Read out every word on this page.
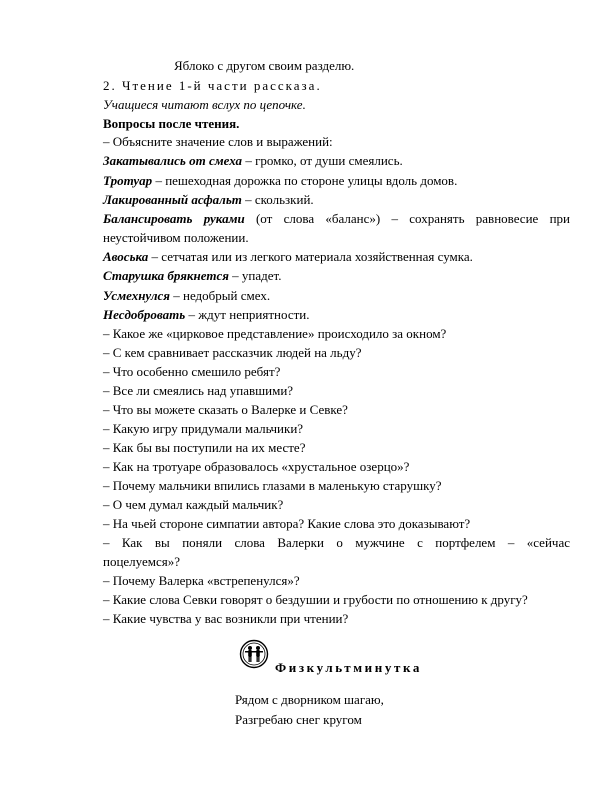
Яблоко с другом своим разделю.
2. Чтение 1-й части рассказа.
Учащиеся читают вслух по цепочке.
Вопросы после чтения.
– Объясните значение слов и выражений:
Закатывались от смеха – громко, от души смеялись.
Тротуар – пешеходная дорожка по стороне улицы вдоль домов.
Лакированный асфальт – скользкий.
Балансировать руками (от слова «баланс») – сохранять равновесие при
неустойчивом положении.
Авоська – сетчатая или из легкого материала хозяйственная сумка.
Старушка брякнется – упадет.
Усмехнулся – недобрый смех.
Несдобровать – ждут неприятности.
– Какое же «цирковое представление» происходило за окном?
– С кем сравнивает рассказчик людей на льду?
– Что особенно смешило ребят?
– Все ли смеялись над упавшими?
– Что вы можете сказать о Валерке и Севке?
– Какую игру придумали мальчики?
– Как бы вы поступили на их месте?
– Как на тротуаре образовалось «хрустальное озерцо»?
– Почему мальчики впились глазами в маленькую старушку?
– О чем думал каждый мальчик?
– На чьей стороне симпатии автора? Какие слова это доказывают?
– Как вы поняли слова Валерки о мужчине с портфелем – «сейчас
поцелуемся»?
– Почему Валерка «встрепенулся»?
– Какие слова Севки говорят о бездушии и грубости по отношению к другу?
– Какие чувства у вас возникли при чтении?
Физкультминутка
Рядом с дворником шагаю,
Разгребаю снег кругом
